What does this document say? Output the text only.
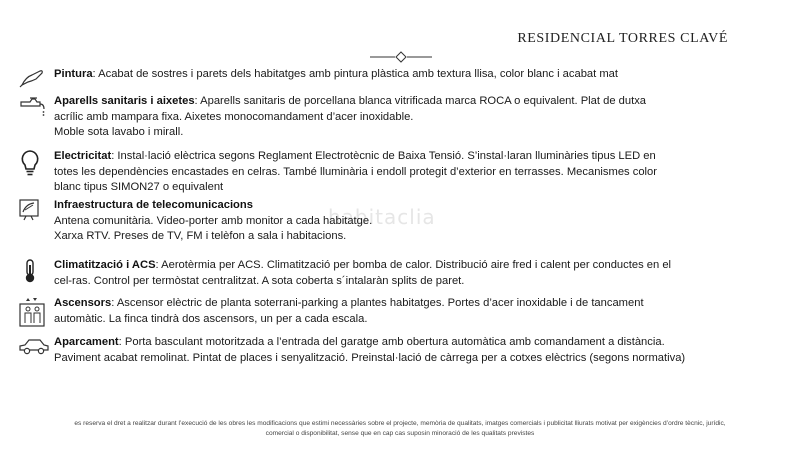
RESIDENCIAL TORRES CLAVÉ
habitaclia
Pintura: Acabat de sostres i parets dels habitatges amb pintura plàstica amb textura llisa, color blanc i acabat mat
Aparells sanitaris i aixetes: Aparells sanitaris de porcellana blanca vitrificada marca ROCA o equivalent. Plat de dutxa
acrílic amb mampara fixa. Aixetes monocomandament d’acer inoxidable.
Moble sota lavabo i mirall.
Electricitat: Instal·lació elèctrica segons Reglament Electrotècnic de Baixa Tensió. S’instal·laran lluminàries tipus LED en
totes les dependències encastades en celras. També lluminària i endoll protegit d’exterior en terrasses. Mecanismes color
blanc tipus SIMON27 o equivalent
Infraestructura de telecomunicacions
Antena comunitària. Video-porter amb monitor a cada habitatge.
Xarxa RTV. Preses de TV, FM i telèfon a sala i habitacions.
Climatització i ACS: Aerotèrmia per ACS. Climatització per bomba de calor. Distribució aire fred i calent per conductes en el
cel-ras. Control per termòstat centralitzat. A sota coberta s´intalaràn splits de paret.
Ascensors: Ascensor elèctric de planta soterrani-parking a plantes habitatges. Portes d’acer inoxidable i de tancament
automàtic. La finca tindrà dos ascensors, un per a cada escala.
Aparcament: Porta basculant motoritzada a l’entrada del garatge amb obertura automàtica amb comandament a distància.
Paviment acabat remolinat. Pintat de places i senyalització. Preinstal·lació de càrrega per a cotxes elèctrics (segons normativa)
es reserva el dret a realitzar durant l’execució de les obres les modificacions que estimi necessàries sobre el projecte, memòria de qualitats, imatges comercials i publicitat lliurats motivat per exigències d’ordre tècnic, jurídic,
comercial o disponibilitat, sense que en cap cas suposin minoració de les qualitats previstes
